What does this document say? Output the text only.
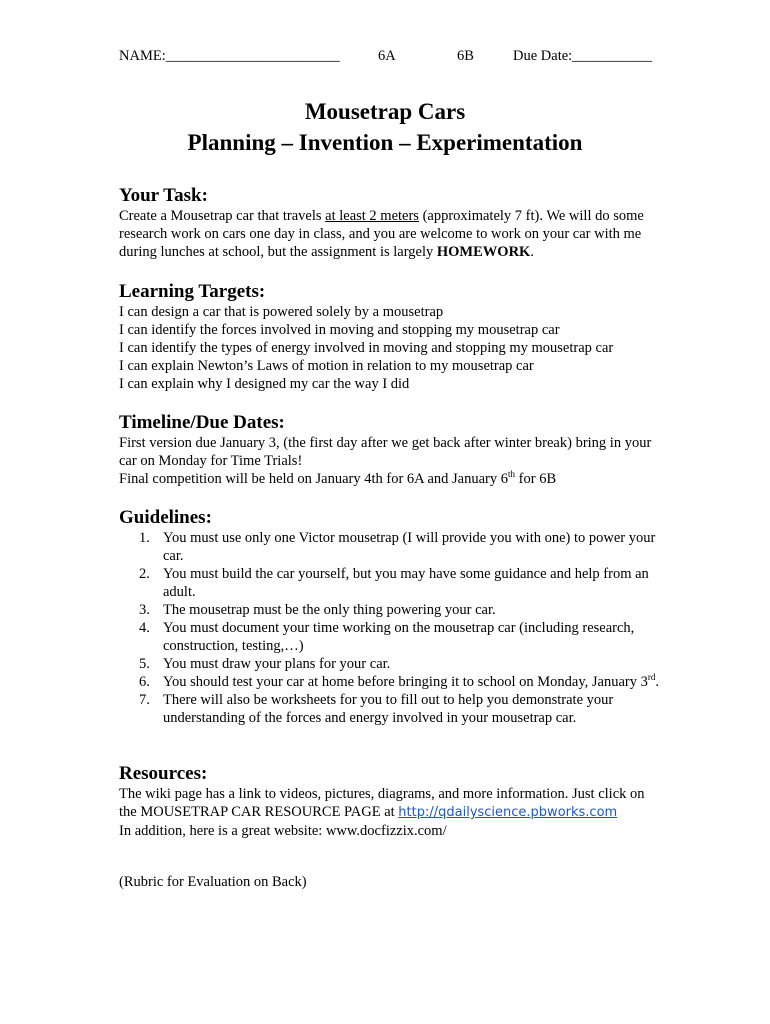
NAME:________________________	6A	6B	Due Date:___________
Mousetrap Cars
Planning – Invention – Experimentation
Your Task:

Create a Mousetrap car that travels at least 2 meters (approximately 7 ft). We will do some research work on cars one day in class, and you are welcome to work on your car with me during lunches at school, but the assignment is largely HOMEWORK.

Learning Targets:

I can design a car that is powered solely by a mousetrap

I can identify the forces involved in moving and stopping my mousetrap car

I can identify the types of energy involved in moving and stopping my mousetrap car

I can explain Newton’s Laws of motion in relation to my mousetrap car

I can explain why I designed my car the way I did

Timeline/Due Dates:

First version due January 3, (the first day after we get back after winter break) bring in your car on Monday for Time Trials!

Final competition will be held on January 4th for 6A and January 6th for 6B

Guidelines:
1. You must use only one Victor mousetrap (I will provide you with one) to power your car.
2. You must build the car yourself, but you may have some guidance and help from an adult.
3. The mousetrap must be the only thing powering your car.
4. You must document your time working on the mousetrap car (including research, construction, testing,…)
5. You must draw your plans for your car.
6. You should test your car at home before bringing it to school on Monday, January 3rd.
7. There will also be worksheets for you to fill out to help you demonstrate your understanding of the forces and energy involved in your mousetrap car.
Resources:

The wiki page has a link to videos, pictures, diagrams, and more information. Just click on the MOUSETRAP CAR RESOURCE PAGE at http://qdailyscience.pbworks.com

In addition, here is a great website: www.docfizzix.com/

(Rubric for Evaluation on Back)
